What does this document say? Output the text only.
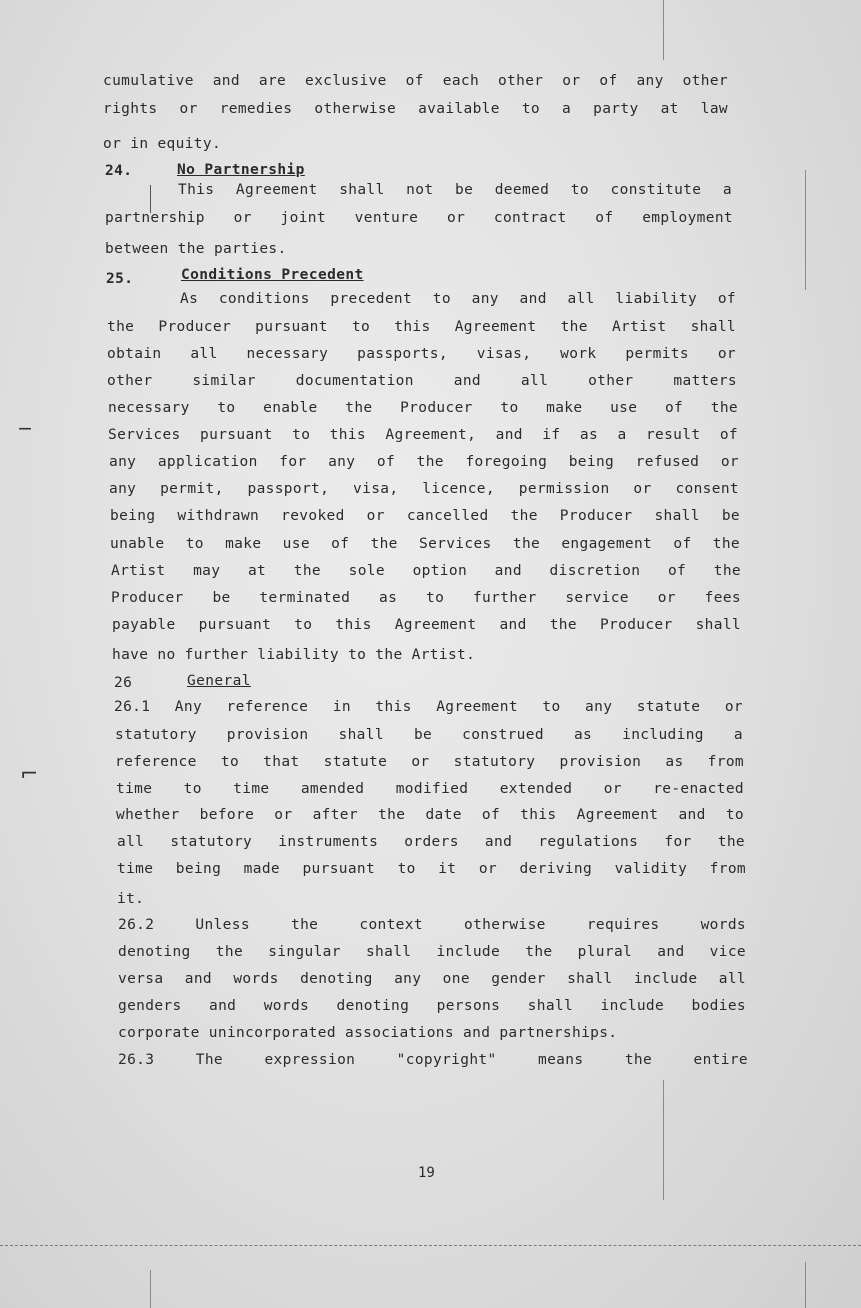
‒
⌐
cumulative and are exclusive of each other or of any other
rights or remedies otherwise available to a party at law
or in equity.
24.	No Partnership
This Agreement shall not be deemed to constitute a
partnership or joint venture or contract of employment
between the parties.
25.	Conditions Precedent
As conditions precedent to any and all liability of
the Producer pursuant to this Agreement the Artist shall
obtain all necessary passports, visas, work permits or
other similar documentation and all other matters
necessary to enable the Producer to make use of the
Services pursuant to this Agreement, and if as a result of
any application for any of the foregoing being refused or
any permit, passport, visa, licence, permission or consent
being withdrawn revoked or cancelled the Producer shall be
unable to make use of the Services the engagement of the
Artist may at the sole option and discretion of the
Producer be terminated as to further service or fees
payable pursuant to this Agreement and the Producer shall
have no further liability to the Artist.
26	General
26.1 Any reference in this Agreement to any statute or
statutory provision shall be construed as including a
reference to that statute or statutory provision as from
time to time amended modified extended or re-enacted
whether before or after the date of this Agreement and to
all statutory instruments orders and regulations for the
time being made pursuant to it or deriving validity from
it.
26.2 Unless the context otherwise requires words
denoting the singular shall include the plural and vice
versa and words denoting any one gender shall include all
genders and words denoting persons shall include bodies
corporate unincorporated associations and partnerships.
26.3 The expression "copyright" means the entire
19
